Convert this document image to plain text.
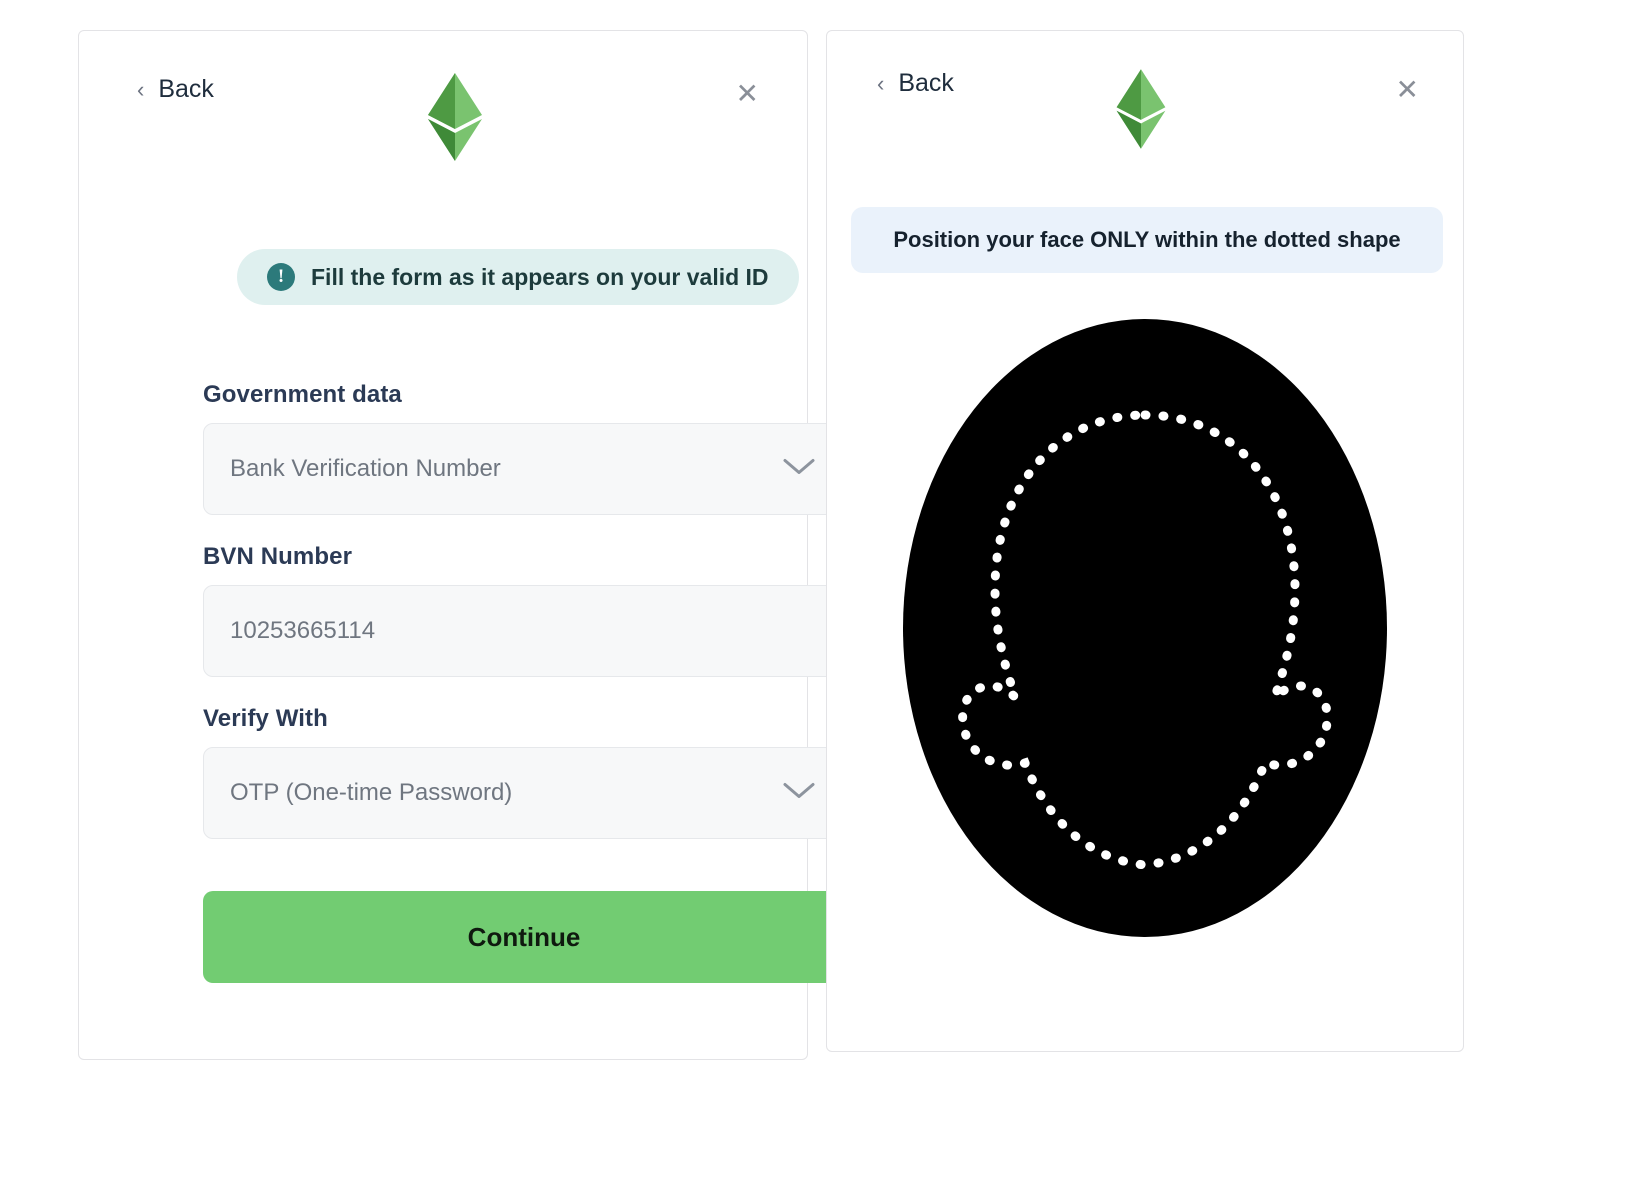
‹ Back	✕
!	Fill the form as it appears on your valid ID
Government data
Bank Verification Number
BVN Number
10253665114
Verify With
OTP (One-time Password)
Continue
‹ Back	✕
Position your face ONLY within the dotted shape
